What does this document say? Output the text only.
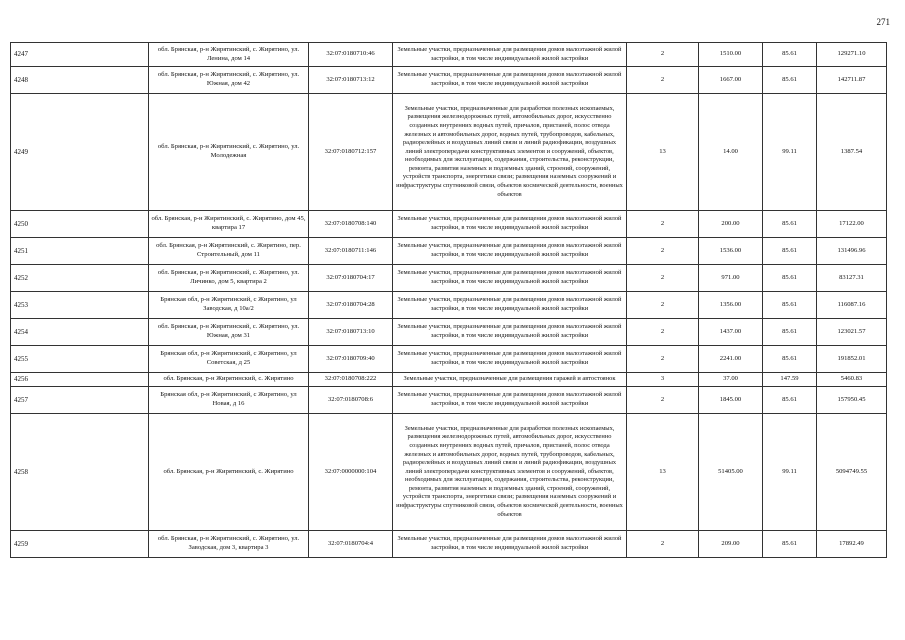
271
4247	обл. Брянская, р-н Жирятинский, с. Жирятино, ул. Ленина, дом 14	32:07:0180710:46	Земельные участки, предназначенные для размещения домов малоэтажной жилой застройки, в том числе индивидуальной жилой застройки	2	1510.00	85.61	129271.10
4248	обл. Брянская, р-н Жирятинский, с. Жирятино, ул. Южная, дом 42	32:07:0180713:12	Земельные участки, предназначенные для размещения домов малоэтажной жилой застройки, в том числе индивидуальной жилой застройки	2	1667.00	85.61	142711.87
4249	обл. Брянская, р-н Жирятинский, с. Жирятино, ул. Молодежная	32:07:0180712:157	Земельные участки, предназначенные для разработки полезных ископаемых, размещения железнодорожных путей, автомобильных дорог, искусственно созданных внутренних водных путей, причалов, пристаней, полос отвода железных и автомобильных дорог, водных путей, трубопроводов, кабельных, радиорелейных и воздушных линий связи и линий радиофикации, воздушных линий электропередачи конструктивных элементов и сооружений, объектов, необходимых для эксплуатации, содержания, строительства, реконструкции, ремонта, развития наземных и подземных зданий, строений, сооружений, устройств транспорта, энергетики связи; размещения наземных сооружений и инфраструктуры спутниковой связи, объектов космической деятельности, военных объектов	13	14.00	99.11	1387.54
4250	обл. Брянская, р-н Жирятинский, с. Жирятино, дом 45, квартира 17	32:07:0180708:140	Земельные участки, предназначенные для размещения домов малоэтажной жилой застройки, в том числе индивидуальной жилой застройки	2	200.00	85.61	17122.00
4251	обл. Брянская, р-н Жирятинский, с. Жирятино, пер. Строительный, дом 11	32:07:0180711:146	Земельные участки, предназначенные для размещения домов малоэтажной жилой застройки, в том числе индивидуальной жилой застройки	2	1536.00	85.61	131496.96
4252	обл. Брянская, р-н Жирятинский, с. Жирятино, ул. Личинко, дом 5, квартира 2	32:07:0180704:17	Земельные участки, предназначенные для размещения домов малоэтажной жилой застройки, в том числе индивидуальной жилой застройки	2	971.00	85.61	83127.31
4253	Брянская обл, р-н Жирятинский, с Жирятино, ул Заводская, д 10а/2	32:07:0180704:28	Земельные участки, предназначенные для размещения домов малоэтажной жилой застройки, в том числе индивидуальной жилой застройки	2	1356.00	85.61	116087.16
4254	обл. Брянская, р-н Жирятинский, с. Жирятино, ул. Южная, дом 31	32:07:0180713:10	Земельные участки, предназначенные для размещения домов малоэтажной жилой застройки, в том числе индивидуальной жилой застройки	2	1437.00	85.61	123021.57
4255	Брянская обл, р-н Жирятинский, с Жирятино, ул Советская, д 25	32:07:0180709:40	Земельные участки, предназначенные для размещения домов малоэтажной жилой застройки, в том числе индивидуальной жилой застройки	2	2241.00	85.61	191852.01
4256	обл. Брянская, р-н Жирятинский, с. Жирятино	32:07:0180708:222	Земельные участки, предназначенные для размещения гаражей и автостоянок	3	37.00	147.59	5460.83
4257	Брянская обл, р-н Жирятинский, с Жирятино, ул Новая, д 16	32:07:0180708:6	Земельные участки, предназначенные для размещения домов малоэтажной жилой застройки, в том числе индивидуальной жилой застройки	2	1845.00	85.61	157950.45
4258	обл. Брянская, р-н Жирятинский, с. Жирятино	32:07:0000000:104	Земельные участки, предназначенные для разработки полезных ископаемых, размещения железнодорожных путей, автомобильных дорог, искусственно созданных внутренних водных путей, причалов, пристаней, полос отвода железных и автомобильных дорог, водных путей, трубопроводов, кабельных, радиорелейных и воздушных линий связи и линий радиофикации, воздушных линий электропередачи конструктивных элементов и сооружений, объектов, необходимых для эксплуатации, содержания, строительства, реконструкции, ремонта, развития наземных и подземных зданий, строений, сооружений, устройств транспорта, энергетики связи; размещения наземных сооружений и инфраструктуры спутниковой связи, объектов космической деятельности, военных объектов	13	51405.00	99.11	5094749.55
4259	обл. Брянская, р-н Жирятинский, с. Жирятино, ул. Заводская, дом 3, квартира 3	32:07:0180704:4	Земельные участки, предназначенные для размещения домов малоэтажной жилой застройки, в том числе индивидуальной жилой застройки	2	209.00	85.61	17892.49
